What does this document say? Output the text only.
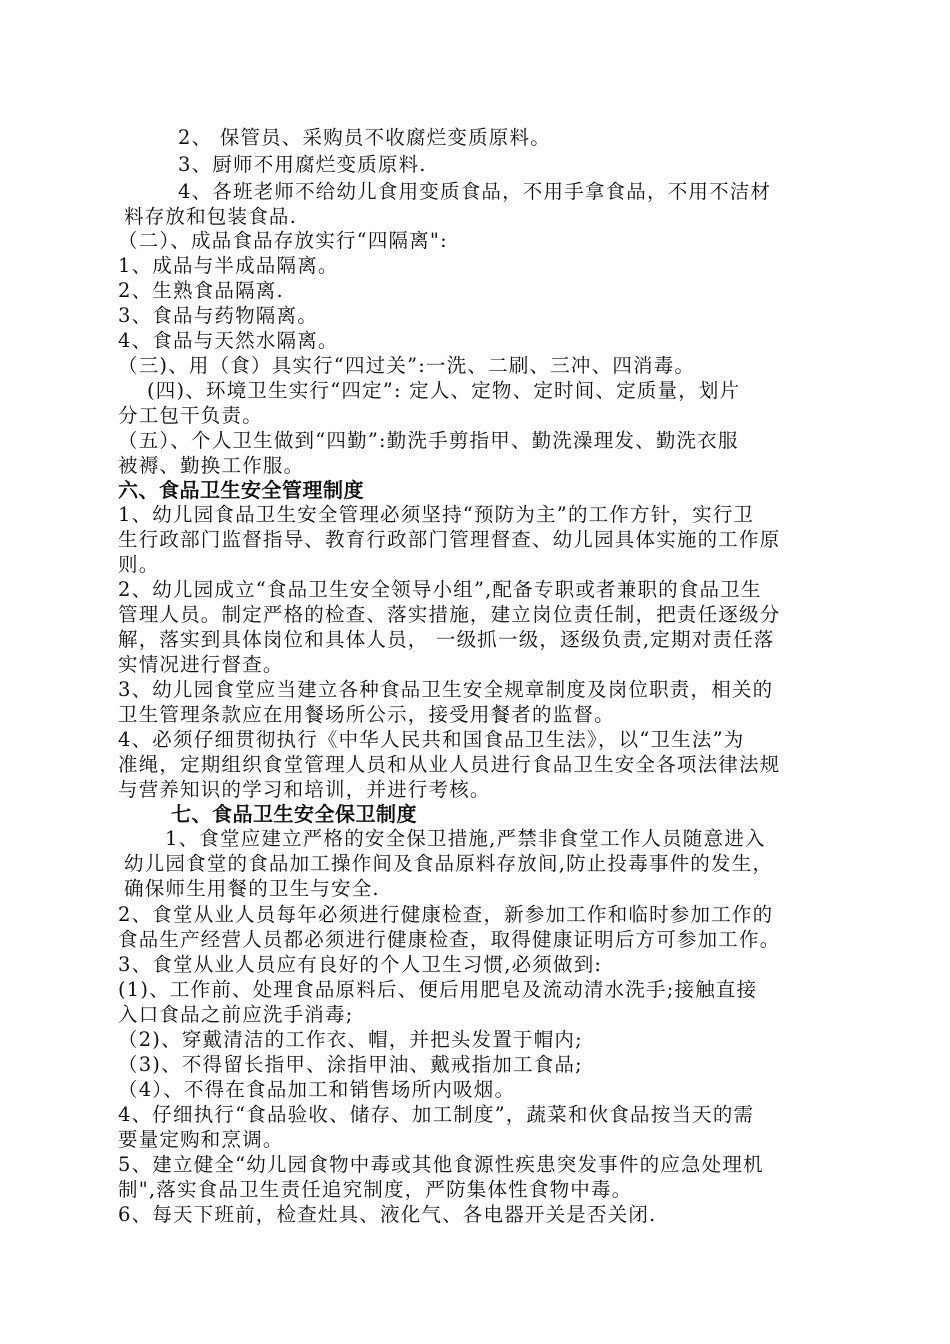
2、 保管员、采购员不收腐烂变质原料。
3、厨师不用腐烂变质原料.
4、各班老师不给幼儿食用变质食品，不用手拿食品，不用不洁材
料存放和包装食品.
（二）、成品食品存放实行“四隔离":
1、成品与半成品隔离。
2、生熟食品隔离.
3、食品与药物隔离。
4、食品与天然水隔离。
（三)、用（食）具实行“四过关”:一洗、二刷、三冲、四消毒。
(四)、环境卫生实行“四定”: 定人、定物、定时间、定质量，划片
分工包干负责。
（五）、个人卫生做到“四勤”:勤洗手剪指甲、勤洗澡理发、勤洗衣服
被褥、勤换工作服。
六、食品卫生安全管理制度
1、幼儿园食品卫生安全管理必须坚持“预防为主”的工作方针，实行卫
生行政部门监督指导、教育行政部门管理督查、幼儿园具体实施的工作原
则。
2、幼儿园成立“食品卫生安全领导小组”,配备专职或者兼职的食品卫生
管理人员。制定严格的检查、落实措施，建立岗位责任制，把责任逐级分
解，落实到具体岗位和具体人员， 一级抓一级，逐级负责,定期对责任落
实情况进行督查。
3、幼儿园食堂应当建立各种食品卫生安全规章制度及岗位职责，相关的
卫生管理条款应在用餐场所公示，接受用餐者的监督。
4、必须仔细贯彻执行《中华人民共和国食品卫生法》，以“卫生法”为
准绳，定期组织食堂管理人员和从业人员进行食品卫生安全各项法律法规
与营养知识的学习和培训，并进行考核。
七、食品卫生安全保卫制度
1、食堂应建立严格的安全保卫措施,严禁非食堂工作人员随意进入
幼儿园食堂的食品加工操作间及食品原料存放间,防止投毒事件的发生，
确保师生用餐的卫生与安全.
2、食堂从业人员每年必须进行健康检查，新参加工作和临时参加工作的
食品生产经营人员都必须进行健康检查，取得健康证明后方可参加工作。
3、食堂从业人员应有良好的个人卫生习惯,必须做到:
(1)、工作前、处理食品原料后、便后用肥皂及流动清水洗手;接触直接
入口食品之前应洗手消毒;
（2)、穿戴清洁的工作衣、帽，并把头发置于帽内;
（3)、不得留长指甲、涂指甲油、戴戒指加工食品;
（4）、不得在食品加工和销售场所内吸烟。
4、仔细执行“食品验收、储存、加工制度”，蔬菜和伙食品按当天的需
要量定购和烹调。
5、建立健全“幼儿园食物中毒或其他食源性疾患突发事件的应急处理机
制",落实食品卫生责任追究制度，严防集体性食物中毒。
6、每天下班前，检查灶具、液化气、各电器开关是否关闭.
